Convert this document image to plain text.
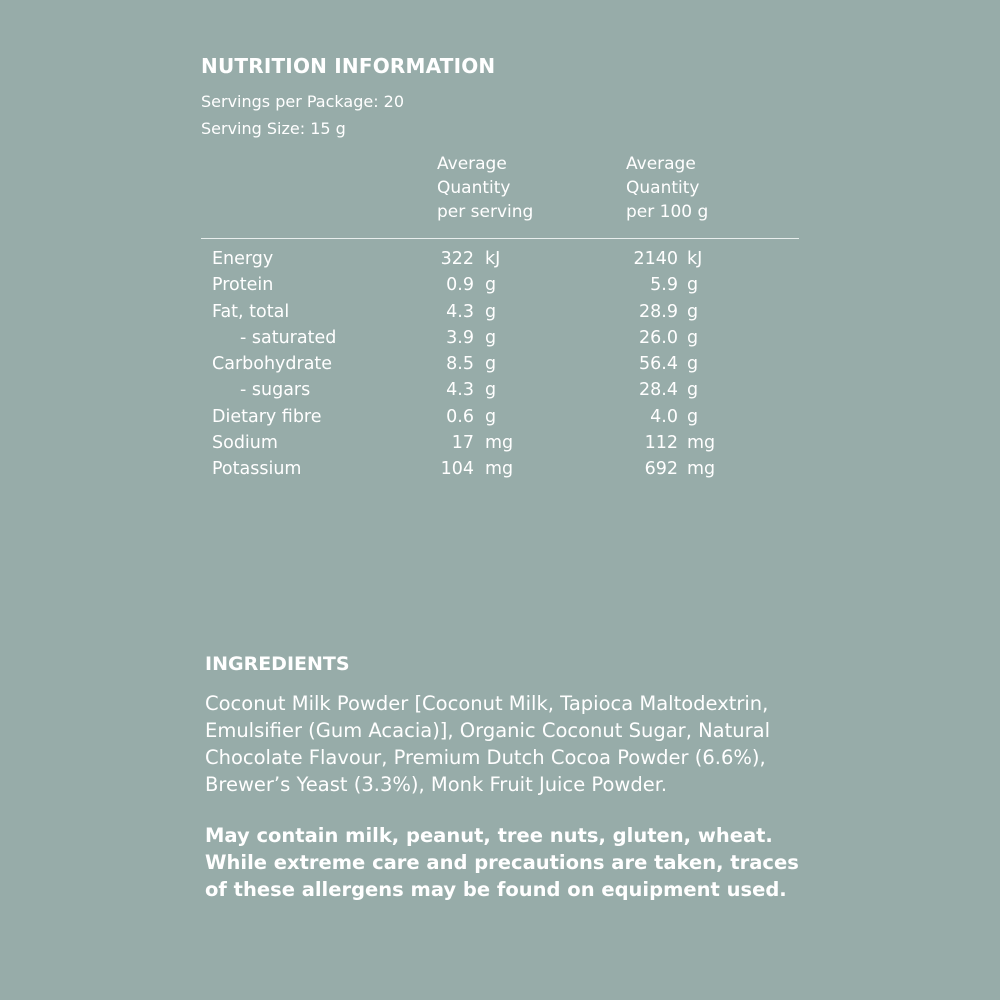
NUTRITION INFORMATION
Servings per Package: 20
Serving Size: 15 g
Average
Quantity
per serving
Average
Quantity
per 100 g
Energy	322 kJ	2140 kJ
Protein	0.9 g	5.9 g
Fat, total	4.3 g	28.9 g
- saturated	3.9 g	26.0 g
Carbohydrate	8.5 g	56.4 g
- sugars	4.3 g	28.4 g
Dietary fibre	0.6 g	4.0 g
Sodium	17 mg	112 mg
Potassium	104 mg	692 mg
INGREDIENTS
Coconut Milk Powder [Coconut Milk, Tapioca Maltodextrin, Emulsifier (Gum Acacia)], Organic Coconut Sugar, Natural Chocolate Flavour, Premium Dutch Cocoa Powder (6.6%), Brewer’s Yeast (3.3%), Monk Fruit Juice Powder.
May contain milk, peanut, tree nuts, gluten, wheat. While extreme care and precautions are taken, traces of these allergens may be found on equipment used.
